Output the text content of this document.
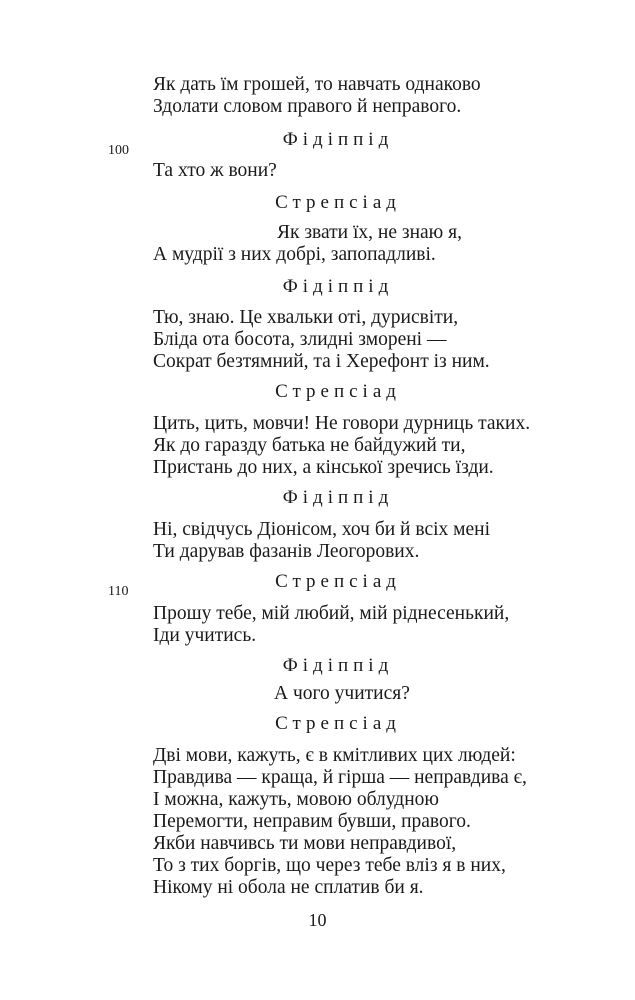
Як дать їм грошей, то навчать однаково
Здолати словом правого й неправого.
Фідіппід
100
Та хто ж вони?
Стрепсіад
Як звати їх, не знаю я,
А мудрії з них добрі, запопадливі.
Фідіппід
Тю, знаю. Це хвальки оті, дурисвіти,
Бліда ота босота, злидні зморені —
Сократ безтямний, та і Херефонт із ним.
Стрепсіад
Цить, цить, мовчи! Не говори дурниць таких.
Як до гаразду батька не байдужий ти,
Пристань до них, а кінської зречись їзди.
Фідіппід
Ні, свідчусь Діонісом, хоч би й всіх мені
Ти дарував фазанів Леогорових.
Стрепсіад
110
Прошу тебе, мій любий, мій ріднесенький,
Іди учитись.
Фідіппід
А чого учитися?
Стрепсіад
Дві мови, кажуть, є в кмітливих цих людей:
Правдива — краща, й гірша — неправдива є,
І можна, кажуть, мовою облудною
Перемогти, неправим бувши, правого.
Якби навчивсь ти мови неправдивої,
То з тих боргів, що через тебе вліз я в них,
Нікому ні обола не сплатив би я.
10
